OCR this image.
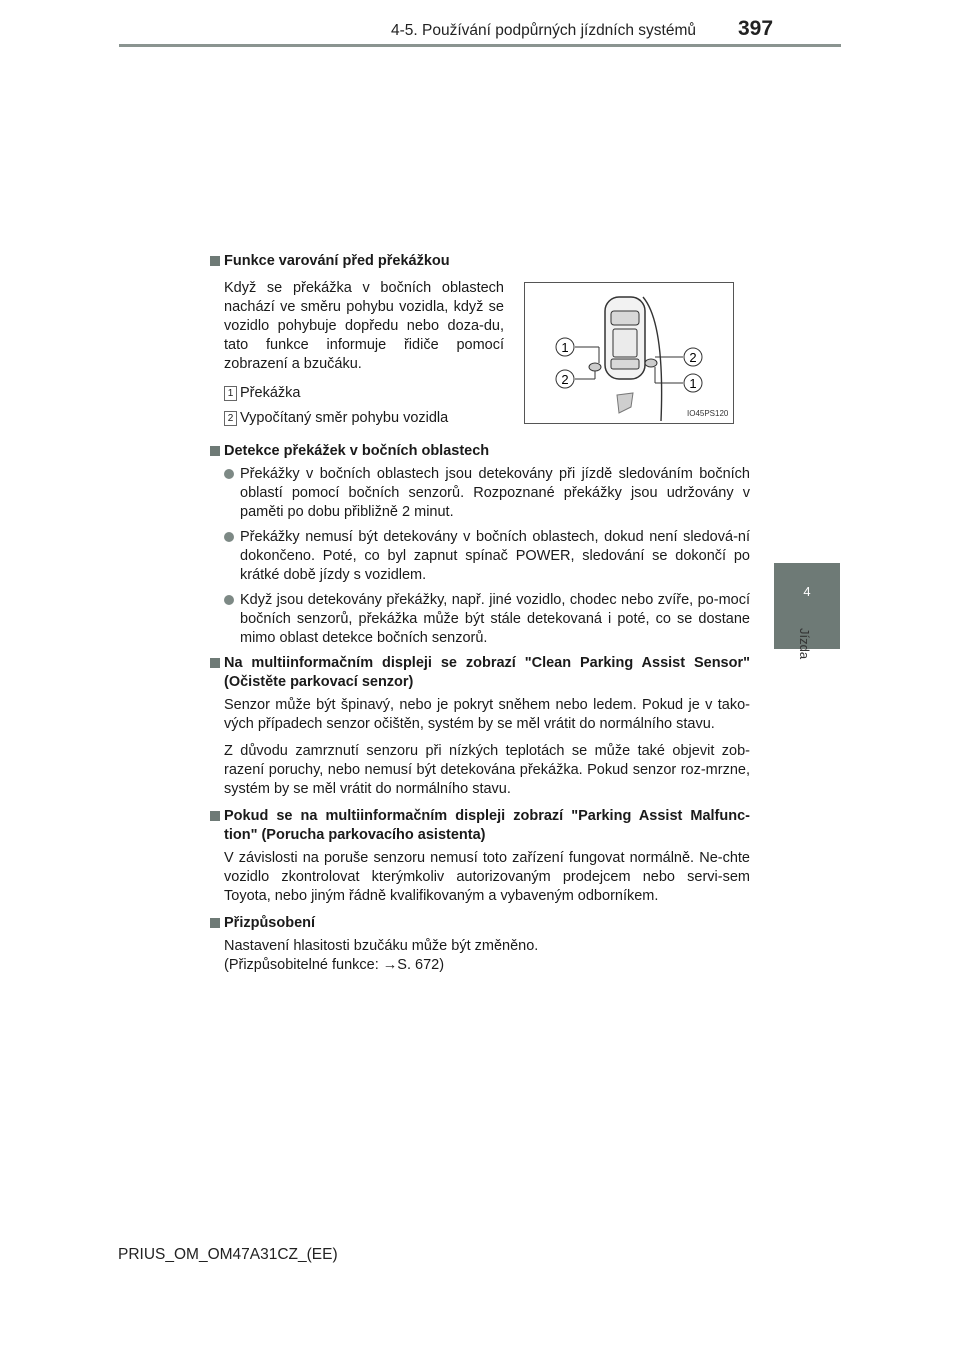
4-5. Používání podpůrných jízdních systémů 397
4
Jízda
Funkce varování před překážkou
Když se překážka v bočních oblastech nachází ve směru pohybu vozidla, když se vozidlo pohybuje dopředu nebo doza-du, tato funkce informuje řidiče pomocí zobrazení a bzučáku.
1 Překážka
2 Vypočítaný směr pohybu vozidla
Detekce překážek v bočních oblastech
Překážky v bočních oblastech jsou detekovány při jízdě sledováním bočních oblastí pomocí bočních senzorů. Rozpoznané překážky jsou udržovány v paměti po dobu přibližně 2 minut.
Překážky nemusí být detekovány v bočních oblastech, dokud není sledová-ní dokončeno. Poté, co byl zapnut spínač POWER, sledování se dokončí po krátké době jízdy s vozidlem.
Když jsou detekovány překážky, např. jiné vozidlo, chodec nebo zvíře, po-mocí bočních senzorů, překážka může být stále detekovaná i poté, co se dostane mimo oblast detekce bočních senzorů.
Na multiinformačním displeji se zobrazí "Clean Parking Assist Sensor" (Očistěte parkovací senzor)
Senzor může být špinavý, nebo je pokryt sněhem nebo ledem. Pokud je v tako-vých případech senzor očištěn, systém by se měl vrátit do normálního stavu.
Z důvodu zamrznutí senzoru při nízkých teplotách se může také objevit zob-razení poruchy, nebo nemusí být detekována překážka. Pokud senzor roz-mrzne, systém by se měl vrátit do normálního stavu.
Pokud se na multiinformačním displeji zobrazí "Parking Assist Malfunc-tion" (Porucha parkovacího asistenta)
V závislosti na poruše senzoru nemusí toto zařízení fungovat normálně. Ne-chte vozidlo zkontrolovat kterýmkoliv autorizovaným prodejcem nebo servi-sem Toyota, nebo jiným řádně kvalifikovaným a vybaveným odborníkem.
Přizpůsobení
Nastavení hlasitosti bzučáku může být změněno.
(Přizpůsobitelné funkce: →S. 672)
1
2
2
1
IO45PS120
PRIUS_OM_OM47A31CZ_(EE)
